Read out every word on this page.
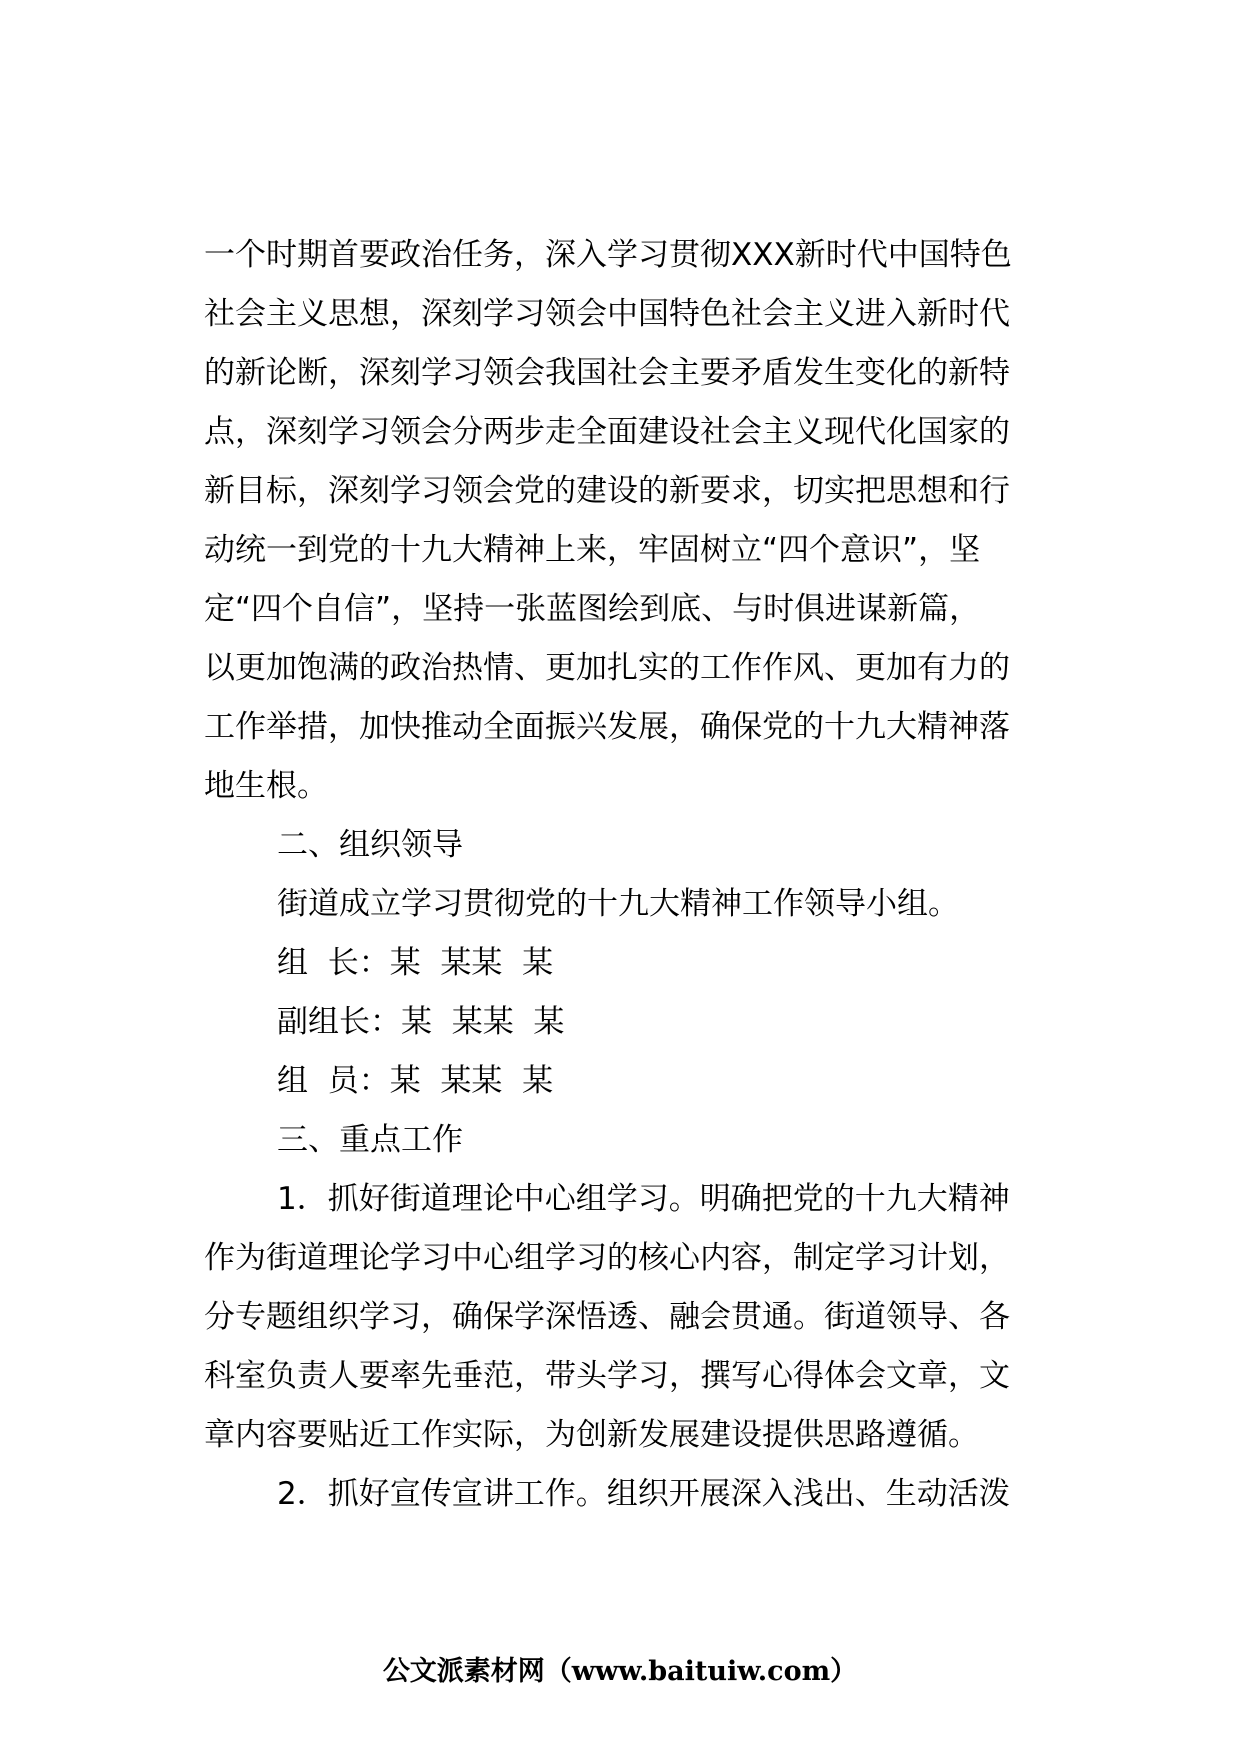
一个时期首要政治任务，深入学习贯彻XXX新时代中国特色
社会主义思想，深刻学习领会中国特色社会主义进入新时代
的新论断，深刻学习领会我国社会主要矛盾发生变化的新特
点，深刻学习领会分两步走全面建设社会主义现代化国家的
新目标，深刻学习领会党的建设的新要求，切实把思想和行
动统一到党的十九大精神上来，牢固树立“四个意识”，坚
定“四个自信”，坚持一张蓝图绘到底、与时俱进谋新篇，
以更加饱满的政治热情、更加扎实的工作作风、更加有力的
工作举措，加快推动全面振兴发展，确保党的十九大精神落
地生根。
二、组织领导
街道成立学习贯彻党的十九大精神工作领导小组。
组  长：某  某某  某
副组长：某  某某  某
组  员：某  某某  某
三、重点工作
1．抓好街道理论中心组学习。明确把党的十九大精神
作为街道理论学习中心组学习的核心内容，制定学习计划，
分专题组织学习，确保学深悟透、融会贯通。街道领导、各
科室负责人要率先垂范，带头学习，撰写心得体会文章，文
章内容要贴近工作实际，为创新发展建设提供思路遵循。
2．抓好宣传宣讲工作。组织开展深入浅出、生动活泼
公文派素材网（www.baituiw.com）
